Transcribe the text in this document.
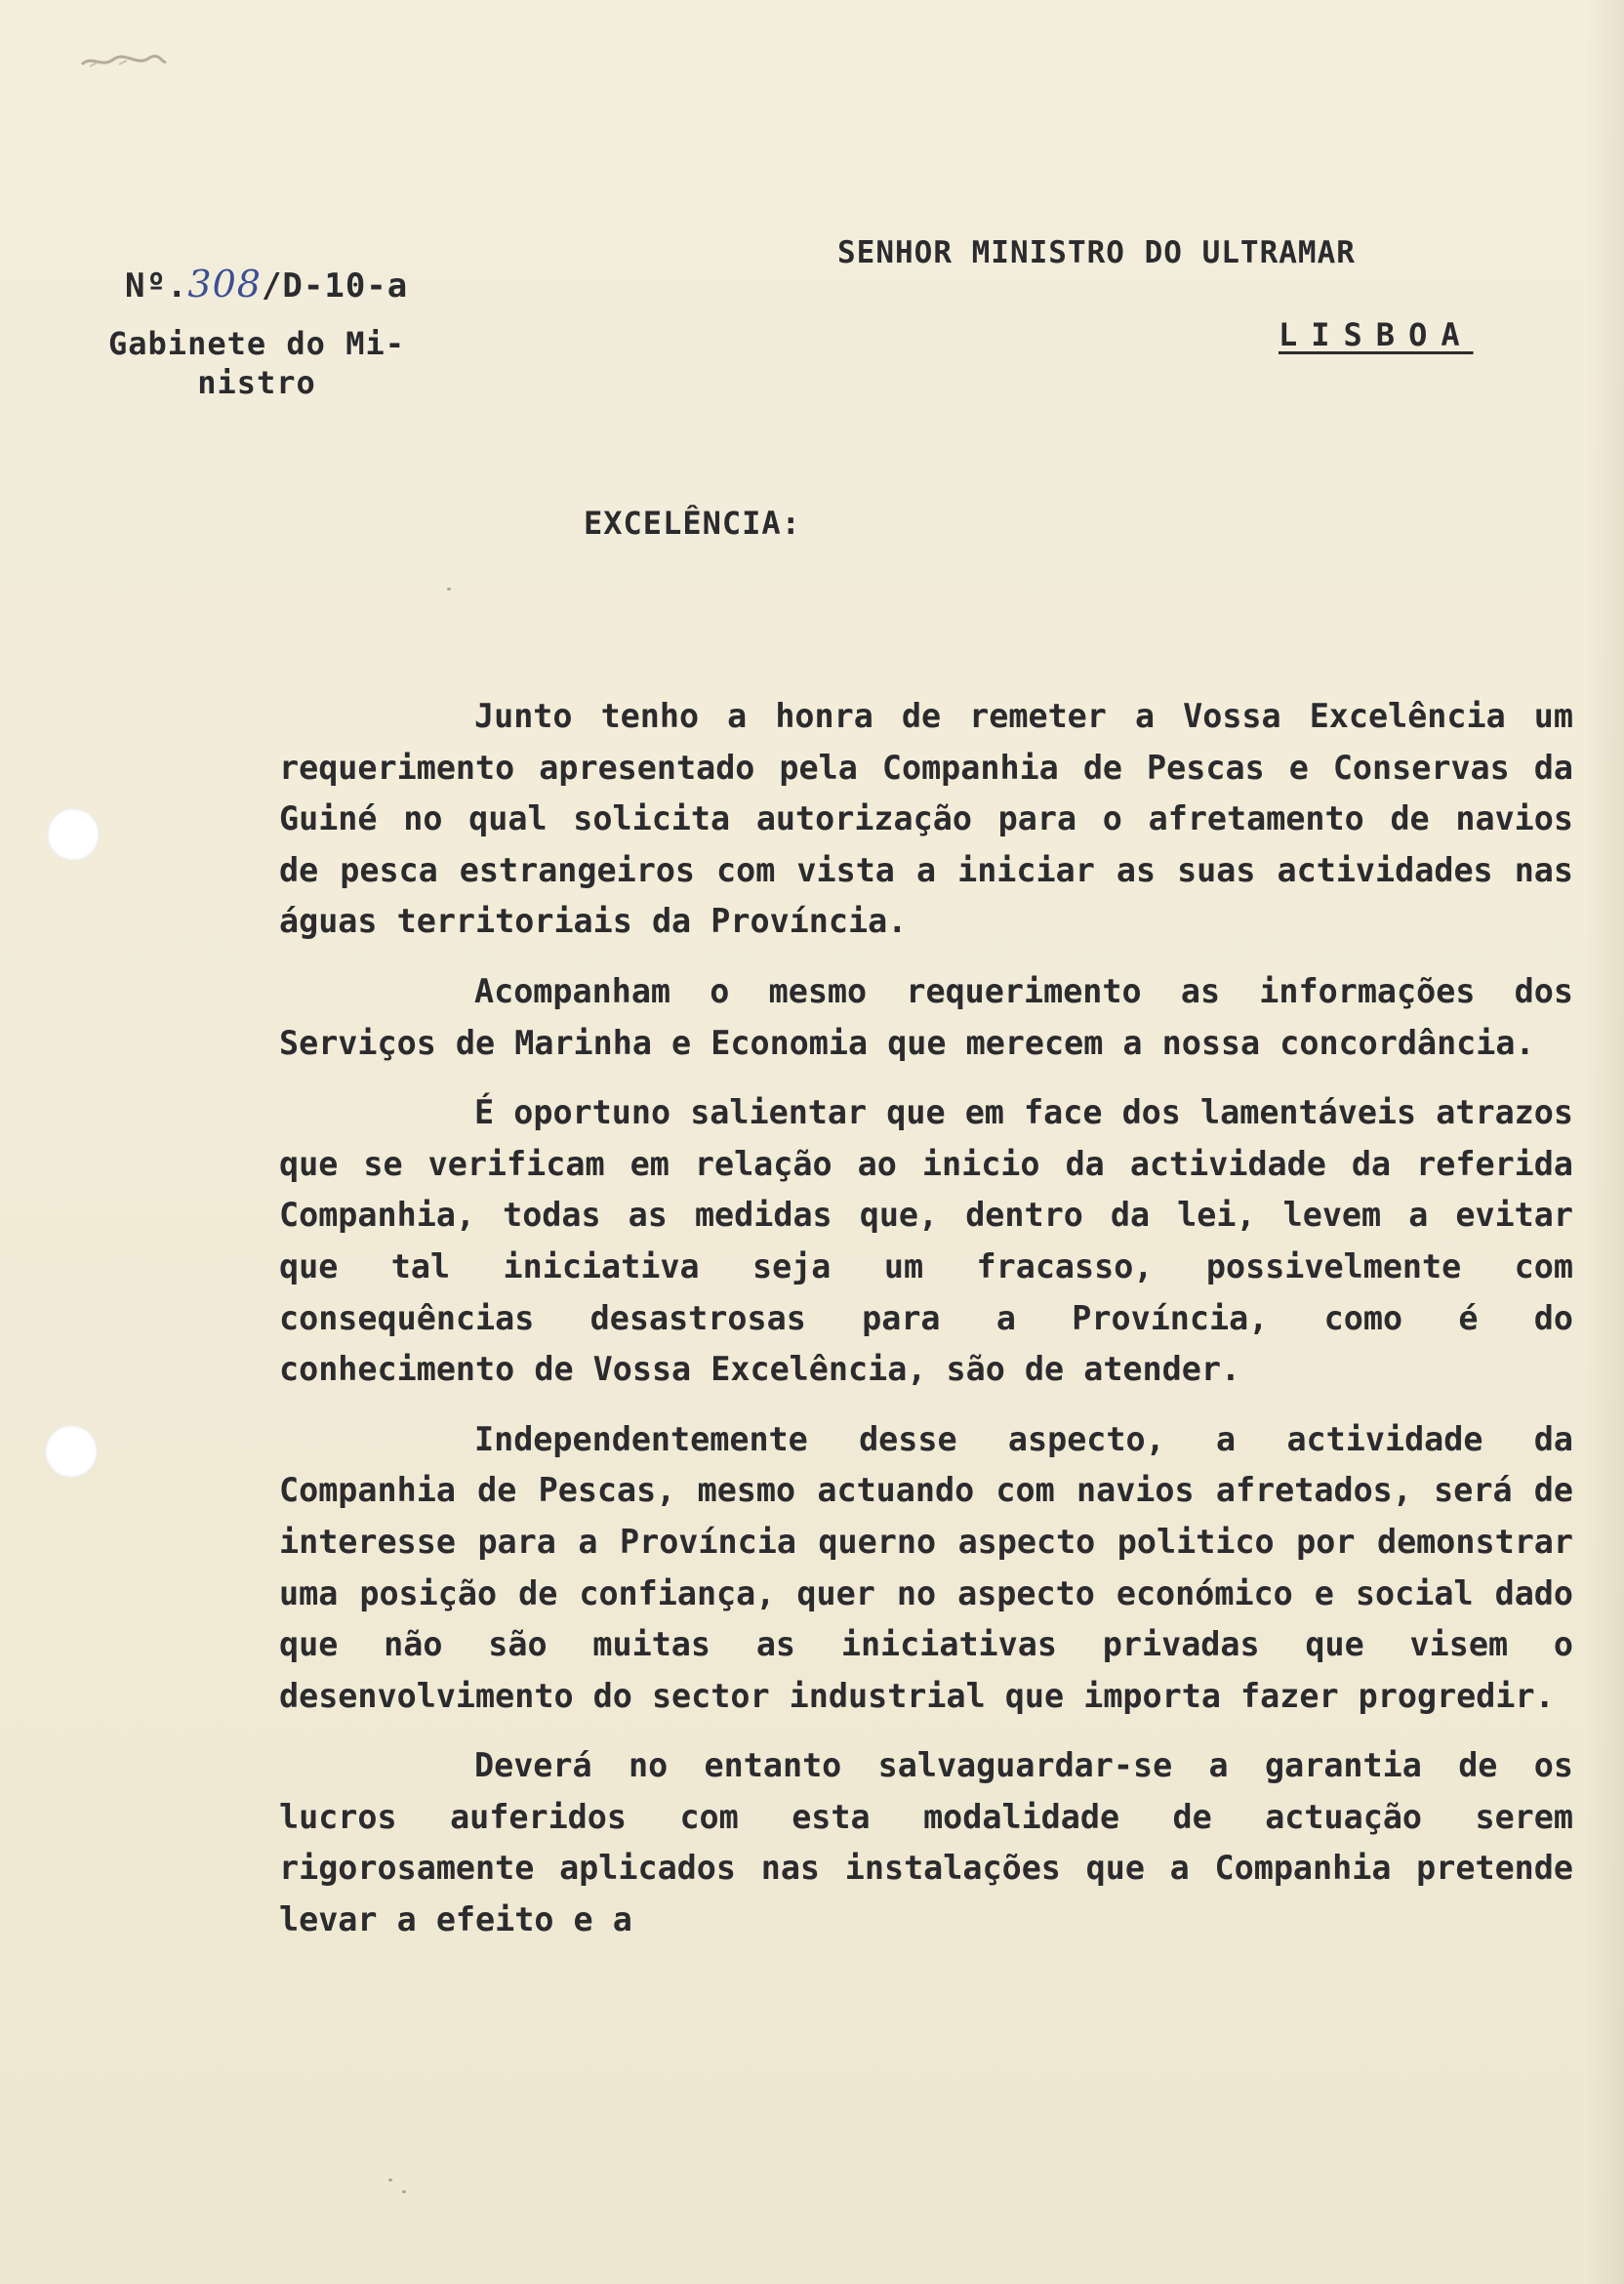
Nº.308/D-10-a
Gabinete do Mi-
nistro
SENHOR MINISTRO DO ULTRAMAR
LISBOA
EXCELÊNCIA:

Junto tenho a honra de remeter a Vossa Excelência um requerimento apresentado pela Companhia de Pescas e Conservas da Guiné no qual solicita autorização para o afretamento de navios de pesca estrangeiros com vista a iniciar as suas actividades nas águas territoriais da Província.

Acompanham o mesmo requerimento as informações dos Serviços de Marinha e Economia que merecem a nossa concordância.

É oportuno salientar que em face dos lamentáveis atrazos que se verificam em relação ao inicio da actividade da referida Companhia, todas as medidas que, dentro da lei, levem a evitar que tal iniciativa seja um fracasso, possivelmente com consequências desastrosas para a Província, como é do conhecimento de Vossa Excelência, são de atender.

Independentemente desse aspecto, a actividade da Companhia de Pescas, mesmo actuando com navios afretados, será de interesse para a Província querno aspecto politico por demonstrar uma posição de confiança, quer no aspecto económico e social dado que não são muitas as iniciativas privadas que visem o desenvolvimento do sector industrial que importa fazer progredir.

Deverá no entanto salvaguardar-se a garantia de os lucros auferidos com esta modalidade de actuação serem rigorosamente aplicados nas instalações que a Companhia pretende levar a efeito e a
